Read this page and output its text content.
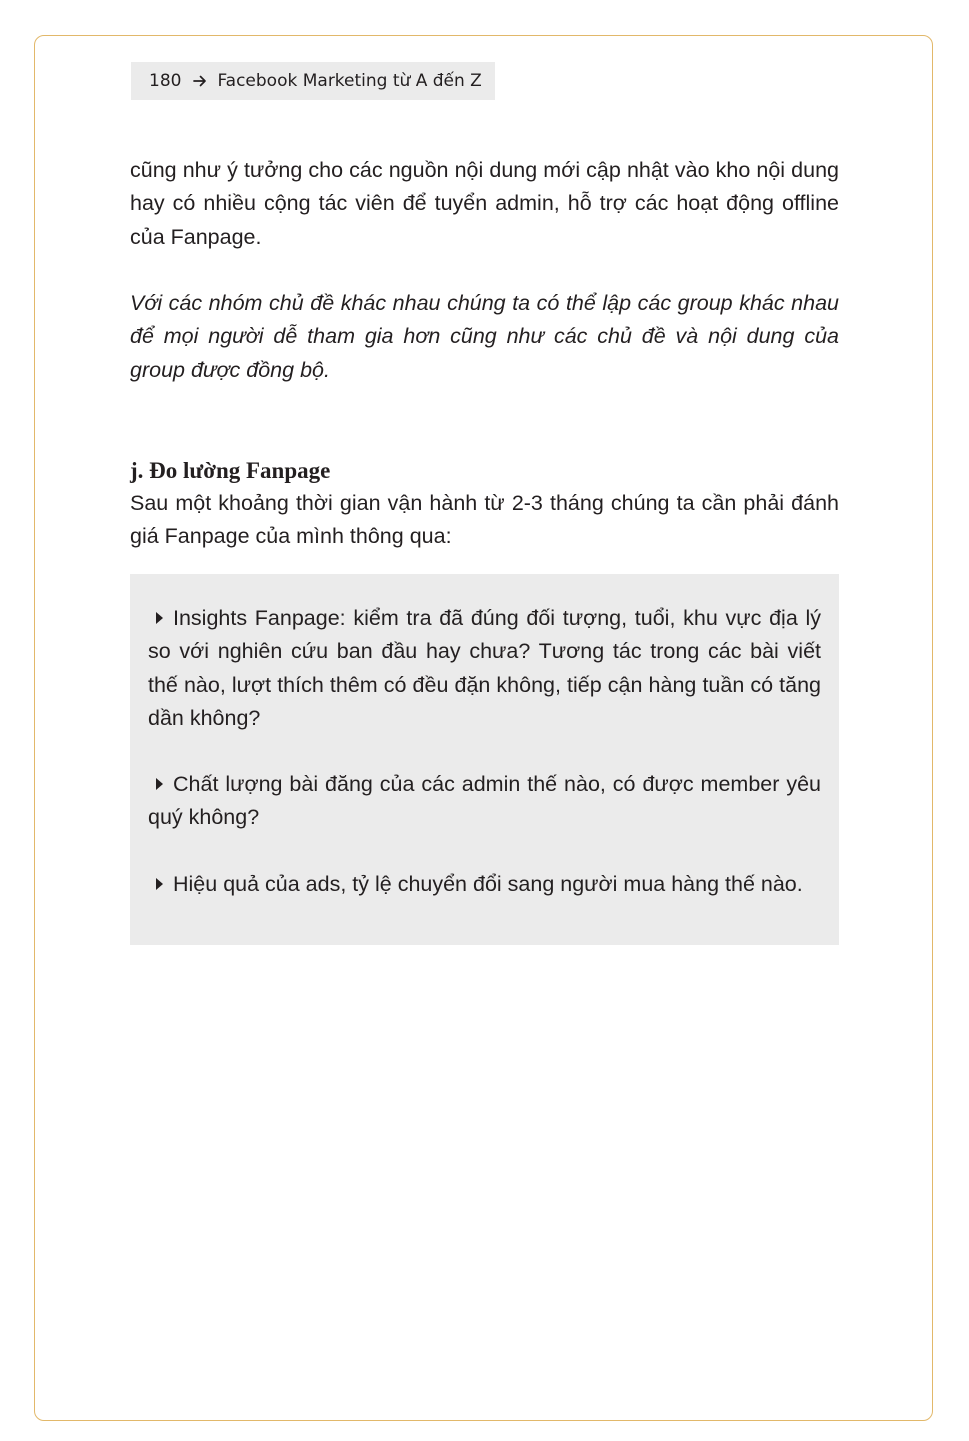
180 Facebook Marketing từ A đến Z

cũng như ý tưởng cho các nguồn nội dung mới cập nhật vào kho nội dung hay có nhiều cộng tác viên để tuyển admin, hỗ trợ các hoạt động offline của Fanpage.

Với các nhóm chủ đề khác nhau chúng ta có thể lập các group khác nhau để mọi người dễ tham gia hơn cũng như các chủ đề và nội dung của group được đồng bộ.

j. Đo lường Fanpage

Sau một khoảng thời gian vận hành từ 2-3 tháng chúng ta cần phải đánh giá Fanpage của mình thông qua:

Insights Fanpage: kiểm tra đã đúng đối tượng, tuổi, khu vực địa lý so với nghiên cứu ban đầu hay chưa? Tương tác trong các bài viết thế nào, lượt thích thêm có đều đặn không, tiếp cận hàng tuần có tăng dần không?
Chất lượng bài đăng của các admin thế nào, có được member yêu quý không?
Hiệu quả của ads, tỷ lệ chuyển đổi sang người mua hàng thế nào.
